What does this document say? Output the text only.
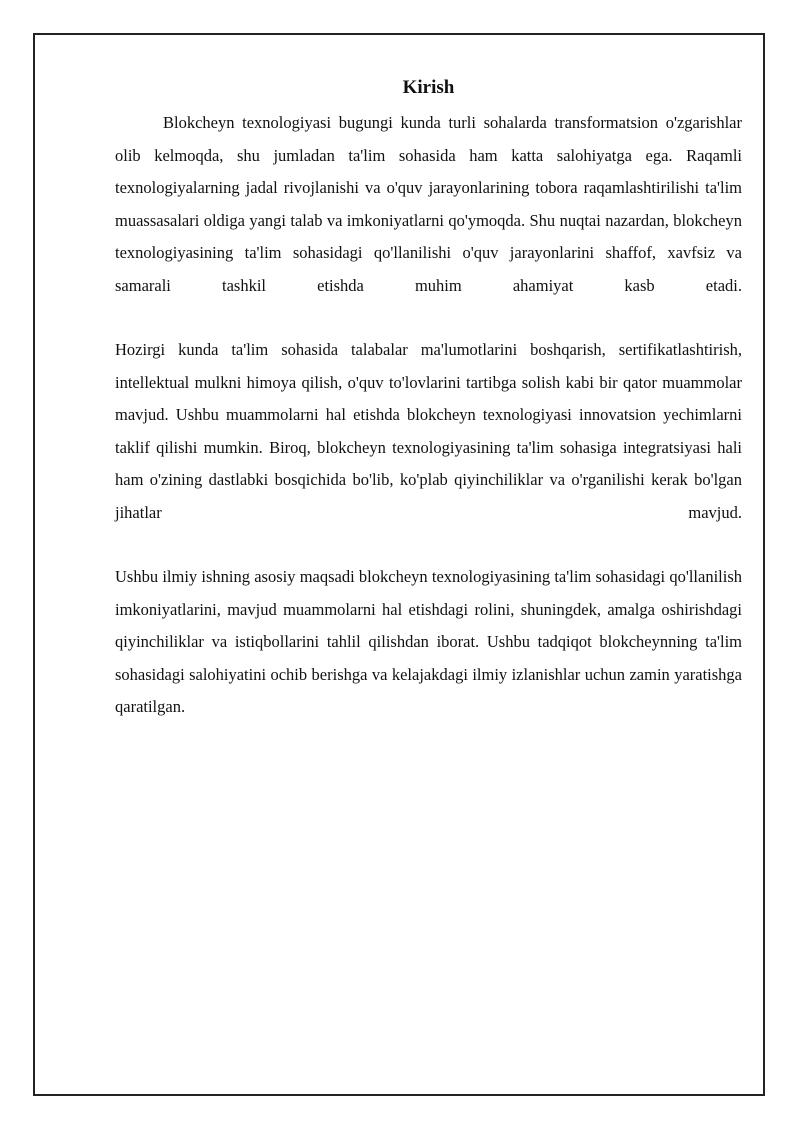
Kirish

Blokcheyn texnologiyasi bugungi kunda turli sohalarda transformatsion o'zgarishlar olib kelmoqda, shu jumladan ta'lim sohasida ham katta salohiyatga ega. Raqamli texnologiyalarning jadal rivojlanishi va o'quv jarayonlarining tobora raqamlashtirilishi ta'lim muassasalari oldiga yangi talab va imkoniyatlarni qo'ymoqda. Shu nuqtai nazardan, blokcheyn texnologiyasining ta'lim sohasidagi qo'llanilishi o'quv jarayonlarini shaffof, xavfsiz va samarali tashkil etishda muhim ahamiyat kasb etadi.

Hozirgi kunda ta'lim sohasida talabalar ma'lumotlarini boshqarish, sertifikatlashtirish, intellektual mulkni himoya qilish, o'quv to'lovlarini tartibga solish kabi bir qator muammolar mavjud. Ushbu muammolarni hal etishda blokcheyn texnologiyasi innovatsion yechimlarni taklif qilishi mumkin. Biroq, blokcheyn texnologiyasining ta'lim sohasiga integratsiyasi hali ham o'zining dastlabki bosqichida bo'lib, ko'plab qiyinchiliklar va o'rganilishi kerak bo'lgan jihatlar mavjud.

Ushbu ilmiy ishning asosiy maqsadi blokcheyn texnologiyasining ta'lim sohasidagi qo'llanilish imkoniyatlarini, mavjud muammolarni hal etishdagi rolini, shuningdek, amalga oshirishdagi qiyinchiliklar va istiqbollarini tahlil qilishdan iborat. Ushbu tadqiqot blokcheynning ta'lim sohasidagi salohiyatini ochib berishga va kelajakdagi ilmiy izlanishlar uchun zamin yaratishga qaratilgan.
